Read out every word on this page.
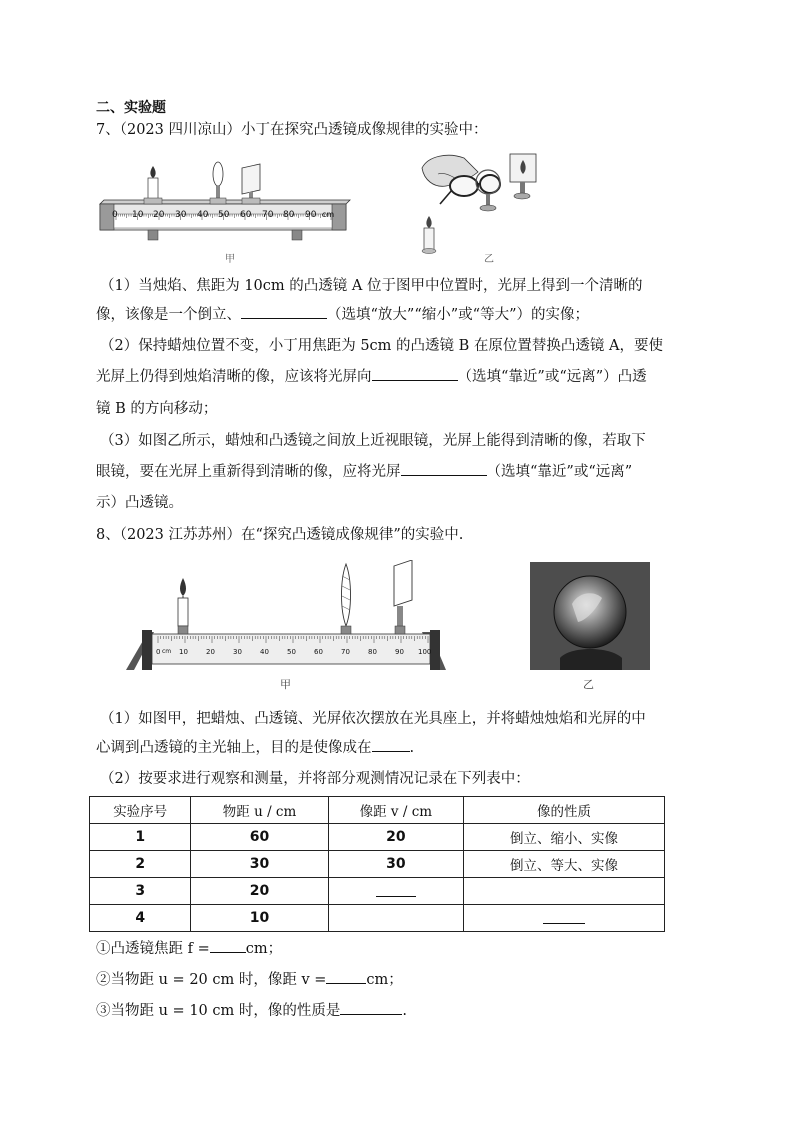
二、实验题
7、（2023 四川凉山）小丁在探究凸透镜成像规律的实验中：
0 10 20 30 40 50 60 70 80 90 cm
甲	乙
（1）当烛焰、焦距为 10cm 的凸透镜 A 位于图甲中位置时，光屏上得到一个清晰的
像，该像是一个倒立、	（选填“放大”“缩小”或“等大”）的实像；
（2）保持蜡烛位置不变，小丁用焦距为 5cm 的凸透镜 B 在原位置替换凸透镜 A，要使
光屏上仍得到烛焰清晰的像，应该将光屏向	（选填“靠近”或“远离”）凸透
镜 B 的方向移动；
（3）如图乙所示，蜡烛和凸透镜之间放上近视眼镜，光屏上能得到清晰的像，若取下
眼镜，要在光屏上重新得到清晰的像，应将光屏	（选填“靠近”或“远离”
示）凸透镜。
8、（2023 江苏苏州）在“探究凸透镜成像规律”的实验中.
0 cm 10	20	30	40	50	60	70	80	90 100
甲	乙
（1）如图甲，把蜡烛、凸透镜、光屏依次摆放在光具座上，并将蜡烛烛焰和光屏的中
心调到凸透镜的主光轴上，目的是使像成在	.
（2）按要求进行观察和测量，并将部分观测情况记录在下列表中：
实验序号	物距 u / cm	像距 v / cm	像的性质
1	60	20	倒立、缩小、实像
2	30	30	倒立、等大、实像
3	20		
4	10		
①凸透镜焦距 f = cm；
②当物距 u = 20 cm 时，像距 v =	cm；
③当物距 u = 10 cm 时，像的性质是	.
